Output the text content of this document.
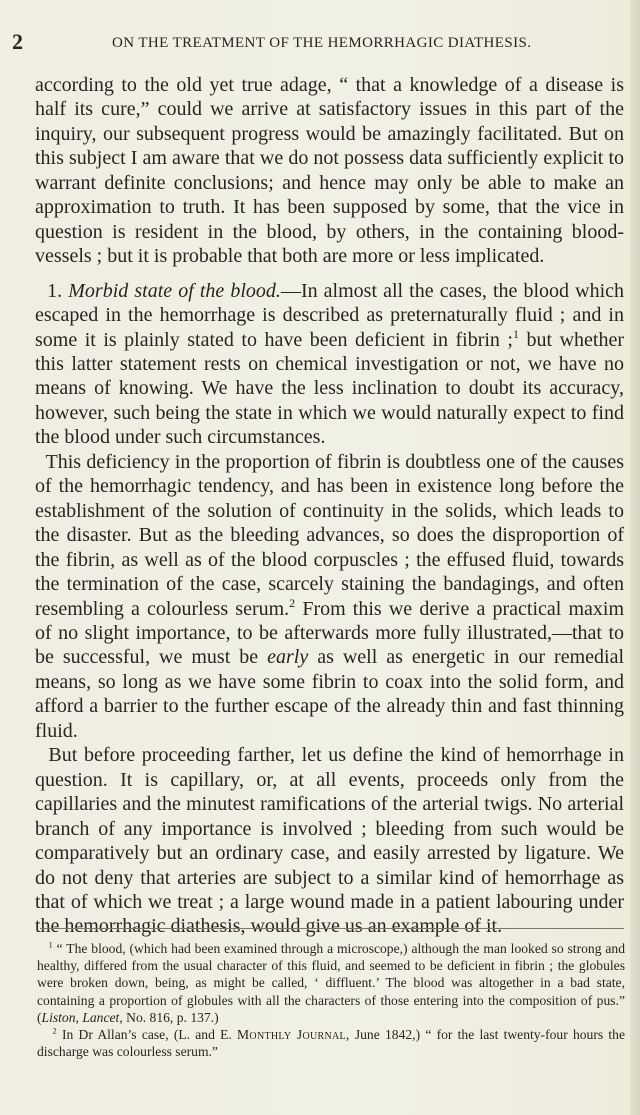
2	ON THE TREATMENT OF THE HEMORRHAGIC DIATHESIS.

according to the old yet true adage, “ that a knowledge of a disease is half its cure,” could we arrive at satisfactory issues in this part of the inquiry, our subsequent progress would be amazingly facilitated. But on this subject I am aware that we do not possess data sufficiently explicit to warrant definite conclusions; and hence may only be able to make an approximation to truth. It has been supposed by some, that the vice in question is resident in the blood, by others, in the containing blood-vessels ; but it is probable that both are more or less implicated.

1. Morbid state of the blood.—In almost all the cases, the blood which escaped in the hemorrhage is described as preternaturally fluid ; and in some it is plainly stated to have been deficient in fibrin ;$^1$ but whether this latter statement rests on chemical investigation or not, we have no means of knowing. We have the less inclination to doubt its accuracy, however, such being the state in which we would naturally expect to find the blood under such circumstances.

This deficiency in the proportion of fibrin is doubtless one of the causes of the hemorrhagic tendency, and has been in existence long before the establishment of the solution of continuity in the solids, which leads to the disaster. But as the bleeding advances, so does the disproportion of the fibrin, as well as of the blood corpuscles ; the effused fluid, towards the termination of the case, scarcely staining the bandagings, and often resembling a colourless serum.$^2$ From this we derive a practical maxim of no slight importance, to be afterwards more fully illustrated,—that to be successful, we must be early as well as energetic in our remedial means, so long as we have some fibrin to coax into the solid form, and afford a barrier to the further escape of the already thin and fast thinning fluid.

But before proceeding farther, let us define the kind of hemorrhage in question. It is capillary, or, at all events, proceeds only from the capillaries and the minutest ramifications of the arterial twigs. No arterial branch of any importance is involved ; bleeding from such would be comparatively but an ordinary case, and easily arrested by ligature. We do not deny that arteries are subject to a similar kind of hemorrhage as that of which we treat ; a large wound made in a patient labouring under the hemorrhagic diathesis, would give us an example of it.

$^1$ “ The blood, (which had been examined through a microscope,) although the man looked so strong and healthy, differed from the usual character of this fluid, and seemed to be deficient in fibrin ; the globules were broken down, being, as might be called, ‘ diffluent.’ The blood was altogether in a bad state, containing a proportion of globules with all the characters of those entering into the composition of pus.” (Liston, Lancet, No. 816, p. 137.)

$^2$ In Dr Allan’s case, (L. and E. Monthly Journal, June 1842,) “ for the last twenty-four hours the discharge was colourless serum.”
